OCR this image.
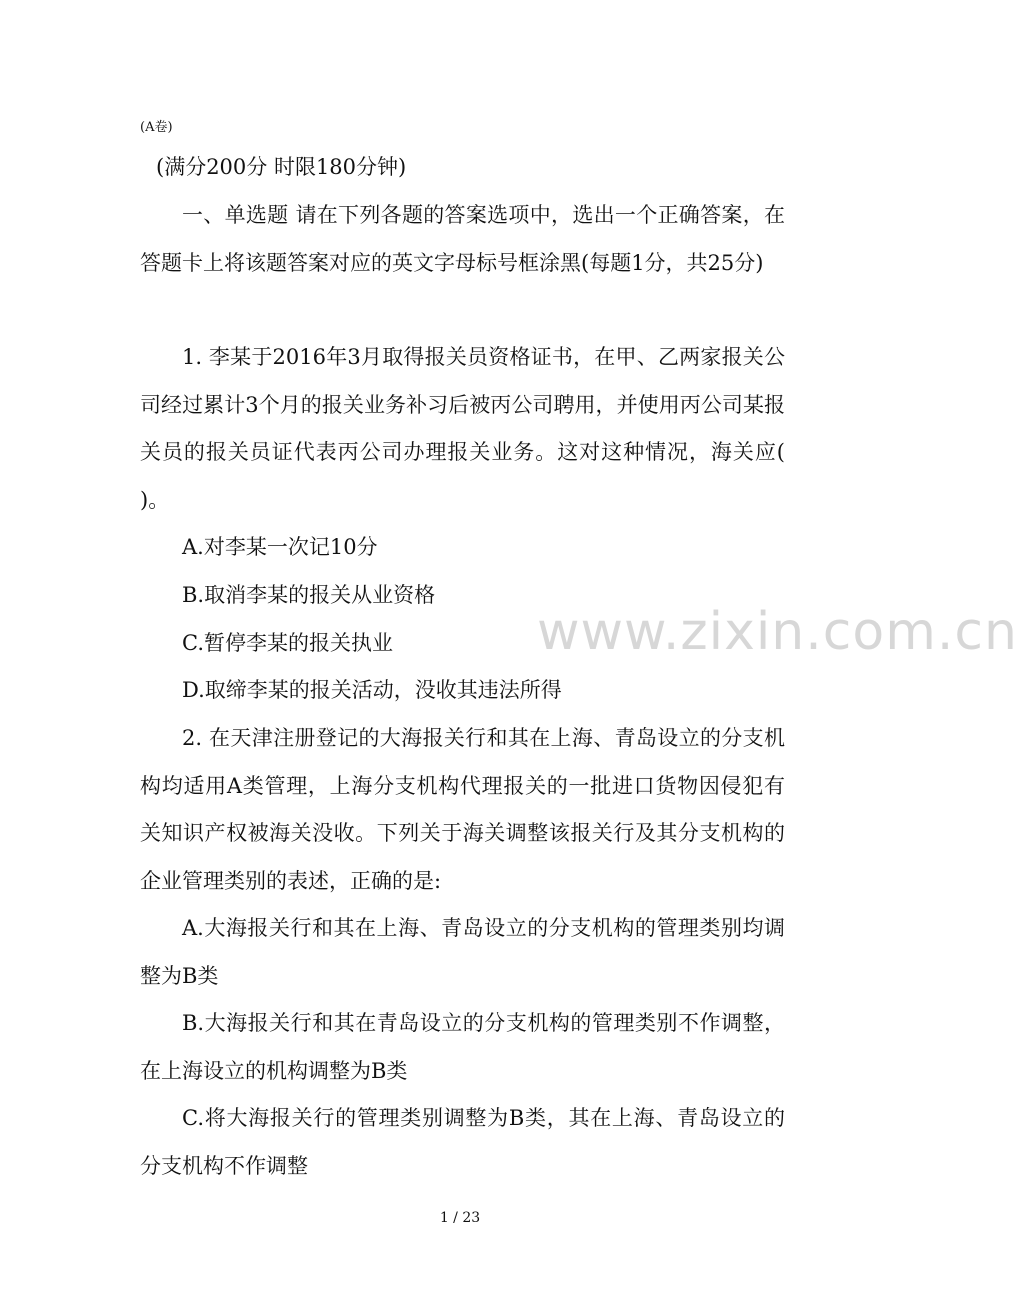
(A卷)

(满分200分 时限180分钟)

一、单选题 请在下列各题的答案选项中，选出一个正确答案，在答题卡上将该题答案对应的英文字母标号框涂黑(每题1分，共25分)

1. 李某于2016年3月取得报关员资格证书，在甲、乙两家报关公司经过累计3个月的报关业务补习后被丙公司聘用，并使用丙公司某报关员的报关员证代表丙公司办理报关业务。这对这种情况，海关应( )。

A.对李某一次记10分

B.取消李某的报关从业资格

C.暂停李某的报关执业

D.取缔李某的报关活动，没收其违法所得

2. 在天津注册登记的大海报关行和其在上海、青岛设立的分支机构均适用A类管理，上海分支机构代理报关的一批进口货物因侵犯有关知识产权被海关没收。下列关于海关调整该报关行及其分支机构的企业管理类别的表述，正确的是:

A.大海报关行和其在上海、青岛设立的分支机构的管理类别均调整为B类

B.大海报关行和其在青岛设立的分支机构的管理类别不作调整，在上海设立的机构调整为B类

C.将大海报关行的管理类别调整为B类，其在上海、青岛设立的分支机构不作调整

www.zixin.com.cn
1 / 23
